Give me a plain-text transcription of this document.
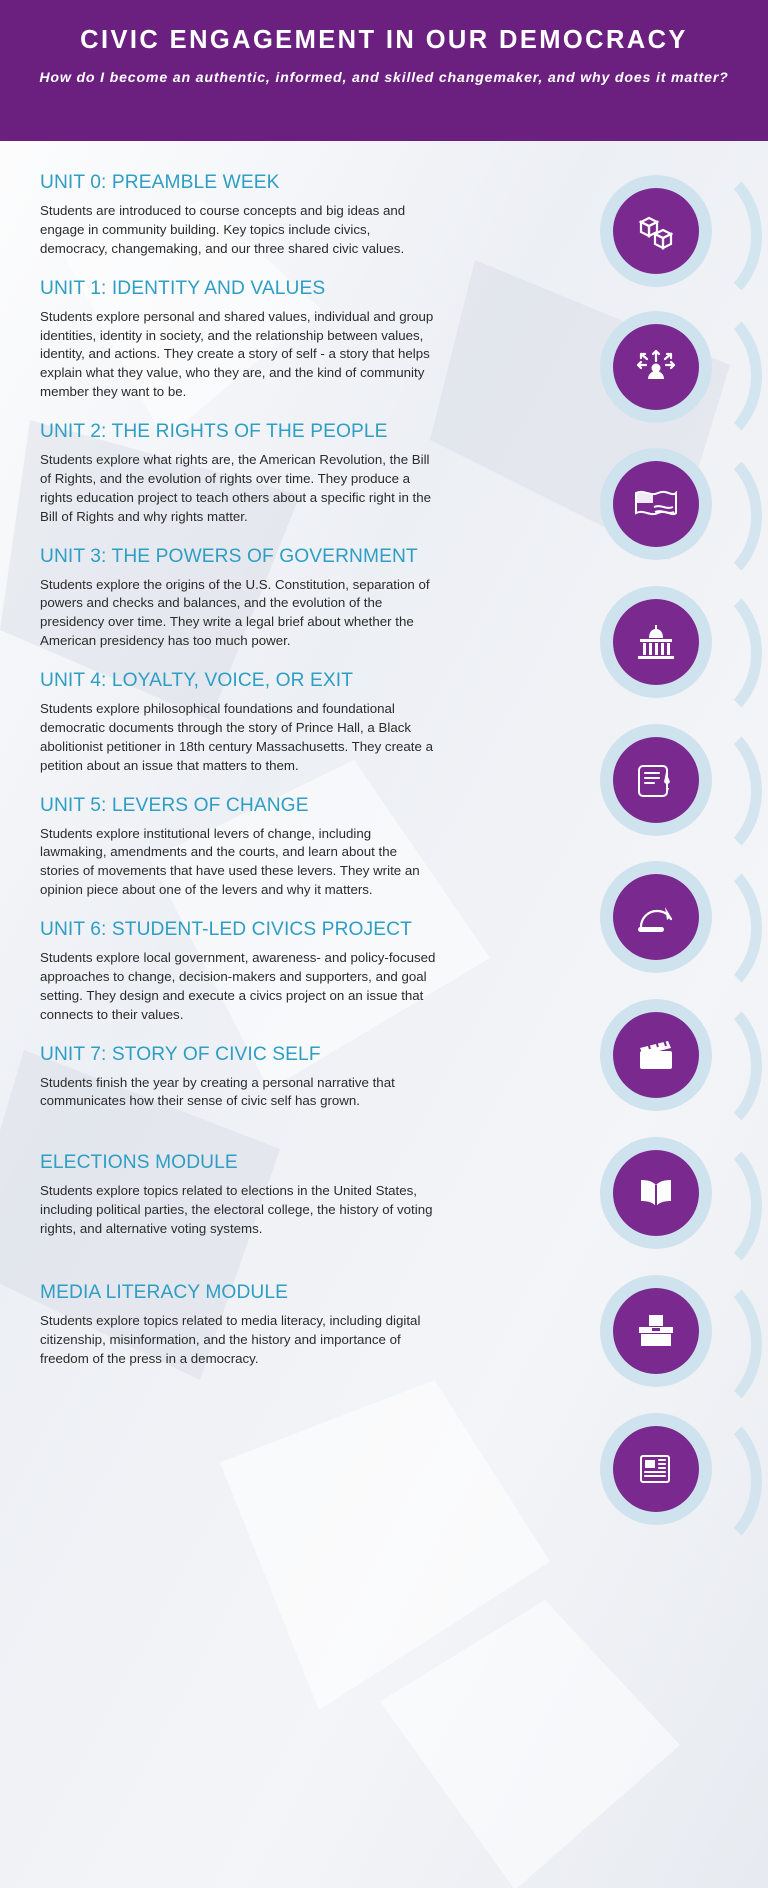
CIVIC ENGAGEMENT IN OUR DEMOCRACY
How do I become an authentic, informed, and skilled changemaker, and why does it matter?
UNIT 0: PREAMBLE WEEK
Students are introduced to course concepts and big ideas and engage in community building. Key topics include civics, democracy, changemaking, and our three shared civic values.
UNIT 1: IDENTITY AND VALUES
Students explore personal and shared values, individual and group identities, identity in society, and the relationship between values, identity, and actions. They create a story of self - a story that helps explain what they value, who they are, and the kind of community member they want to be.
UNIT 2: THE RIGHTS OF THE PEOPLE
Students explore what rights are, the American Revolution, the Bill of Rights, and the evolution of rights over time. They produce a rights education project to teach others about a specific right in the Bill of Rights and why rights matter.
UNIT 3: THE POWERS OF GOVERNMENT
Students explore the origins of the U.S. Constitution, separation of powers and checks and balances, and the evolution of the presidency over time. They write a legal brief about whether the American presidency has too much power.
UNIT 4: LOYALTY, VOICE, OR EXIT
Students explore philosophical foundations and foundational democratic documents through the story of Prince Hall, a Black abolitionist petitioner in 18th century Massachusetts. They create a petition about an issue that matters to them.
UNIT 5: LEVERS OF CHANGE
Students explore institutional levers of change, including lawmaking, amendments and the courts, and learn about the stories of movements that have used these levers. They write an opinion piece about one of the levers and why it matters.
UNIT 6: STUDENT-LED CIVICS PROJECT
Students explore local government, awareness- and policy-focused approaches to change, decision-makers and supporters, and goal setting. They design and execute a civics project on an issue that connects to their values.
UNIT 7: STORY OF CIVIC SELF
Students finish the year by creating a personal narrative that communicates how their sense of civic self has grown.
ELECTIONS MODULE
Students explore topics related to elections in the United States, including political parties, the electoral college, the history of voting rights, and alternative voting systems.
MEDIA LITERACY MODULE
Students explore topics related to media literacy, including digital citizenship, misinformation, and the history and importance of freedom of the press in a democracy.
